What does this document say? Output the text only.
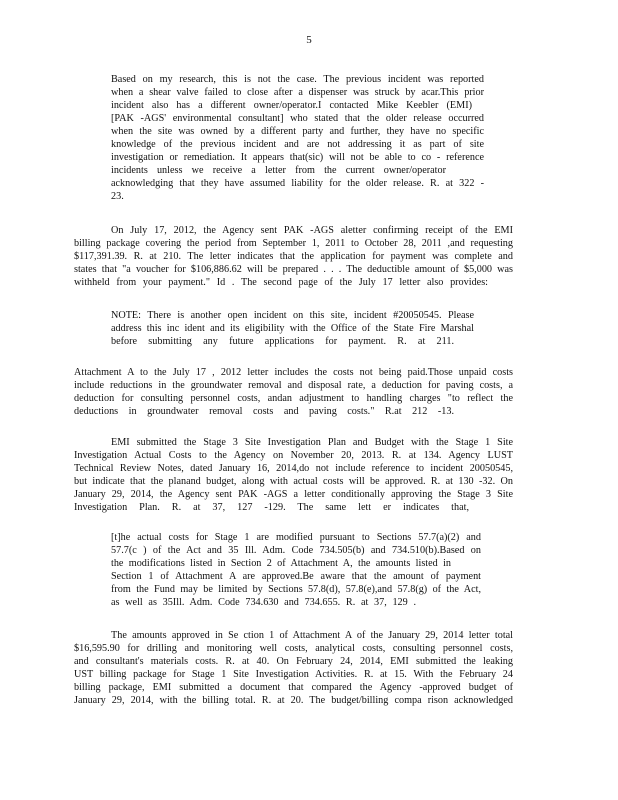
5

Based on my research, this is not the case. The previous incident was reported

when a shear valve failed to close after a dispenser was struck by acar.This prior

incident also has a different owner/operator.I contacted Mike Keebler (EMI)

[PAK -AGS' environmental consultant] who stated that the older release occurred

when the site was owned by a different party and further, they have no specific

knowledge of the previous incident and are not addressing it as part of site

investigation or remediation. It appears that(sic) will not be able to co - reference

incidents unless we receive a letter from the current owner/operator

acknowledging that they have assumed liability for the older release. R. at 322 -

23.

On July 17, 2012, the Agency sent PAK -AGS aletter confirming receipt of the EMI

billing package covering the period from September 1, 2011 to October 28, 2011 ,and requesting

$117,391.39. R. at 210. The letter indicates that the application for payment was complete and

states that "a voucher for $106,886.62 will be prepared . . . The deductible amount of $5,000 was

withheld from your payment." Id . The second page of the July 17 letter also provides:

NOTE: There is another open incident on this site, incident #20050545. Please

address this inc ident and its eligibility with the Office of the State Fire Marshal

before submitting any future applications for payment. R. at 211.

Attachment A to the July 17 , 2012 letter includes the costs not being paid.Those unpaid costs

include reductions in the groundwater removal and disposal rate, a deduction for paving costs, a

deduction for consulting personnel costs, andan adjustment to handling charges "to reflect the

deductions in groundwater removal costs and paving costs." R.at 212 -13.

EMI submitted the Stage 3 Site Investigation Plan and Budget with the Stage 1 Site

Investigation Actual Costs to the Agency on November 20, 2013. R. at 134. Agency LUST

Technical Review Notes, dated January 16, 2014,do not include reference to incident 20050545,

but indicate that the planand budget, along with actual costs will be approved. R. at 130 -32. On

January 29, 2014, the Agency sent PAK -AGS a letter conditionally approving the Stage 3 Site

Investigation Plan. R. at 37, 127 -129. The same lett er indicates that,

[t]he actual costs for Stage 1 are modified pursuant to Sections 57.7(a)(2) and

57.7(c ) of the Act and 35 Ill. Adm. Code 734.505(b) and 734.510(b).Based on

the modifications listed in Section 2 of Attachment A, the amounts listed in

Section 1 of Attachment A are approved.Be aware that the amount of payment

from the Fund may be limited by Sections 57.8(d), 57.8(e),and 57.8(g) of the Act,

as well as 35Ill. Adm. Code 734.630 and 734.655. R. at 37, 129 .

The amounts approved in Se ction 1 of Attachment A of the January 29, 2014 letter total

$16,595.90 for drilling and monitoring well costs, analytical costs, consulting personnel costs,

and consultant's materials costs. R. at 40. On February 24, 2014, EMI submitted the leaking

UST billing package for Stage 1 Site Investigation Activities. R. at 15. With the February 24

billing package, EMI submitted a document that compared the Agency -approved budget of

January 29, 2014, with the billing total. R. at 20. The budget/billing compa rison acknowledged
